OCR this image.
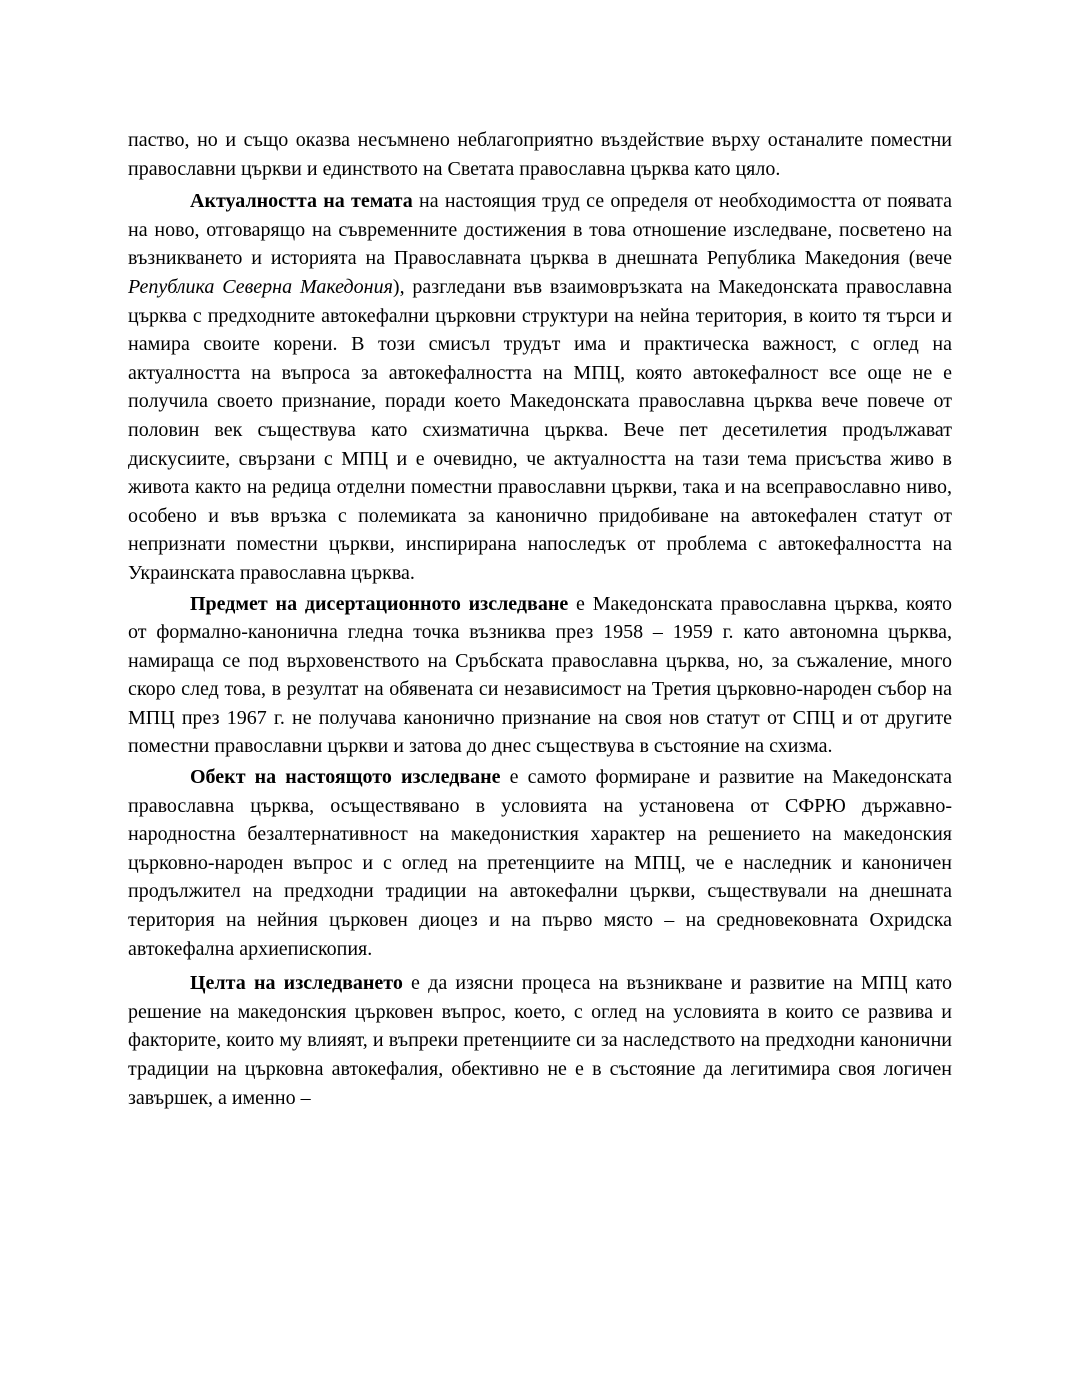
паство, но и също оказва несъмнено неблагоприятно въздействие върху останалите поместни православни църкви и единството на Светата православна църква като цяло.

Актуалността на темата на настоящия труд се определя от необходимостта от появата на ново, отговарящо на съвременните достижения в това отношение изследване, посветено на възникването и историята на Православната църква в днешната Република Македония (вече Република Северна Македония), разгледани във взаимовръзката на Македонската православна църква с предходните автокефални църковни структури на нейна територия, в които тя търси и намира своите корени. В този смисъл трудът има и практическа важност, с оглед на актуалността на въпроса за автокефалността на МПЦ, която автокефалност все още не е получила своето признание, поради което Македонската православна църква вече повече от половин век съществува като схизматична църква. Вече пет десетилетия продължават дискусиите, свързани с МПЦ и е очевидно, че актуалността на тази тема присъства живо в живота както на редица отделни поместни православни църкви, така и на всеправославно ниво, особено и във връзка с полемиката за канонично придобиване на автокефален статут от непризнати поместни църкви, инспирирана напоследък от проблема с автокефалността на Украинската православна църква.

Предмет на дисертационното изследване е Македонската православна църква, която от формално-канонична гледна точка възниква през 1958 – 1959 г. като автономна църква, намираща се под върховенството на Сръбската православна църква, но, за съжаление, много скоро след това, в резултат на обявената си независимост на Третия църковно-народен събор на МПЦ през 1967 г. не получава канонично признание на своя нов статут от СПЦ и от другите поместни православни църкви и затова до днес съществува в състояние на схизма.

Обект на настоящото изследване е самото формиране и развитие на Македонската православна църква, осъществявано в условията на установена от СФРЮ държавно-народностна безалтернативност на македонисткия характер на решението на македонския църковно-народен въпрос и с оглед на претенциите на МПЦ, че е наследник и каноничен продължител на предходни традиции на автокефални църкви, съществували на днешната територия на нейния църковен диоцез и на първо място – на средновековната Охридска автокефална архиепископия.

Целта на изследването е да изясни процеса на възникване и развитие на МПЦ като решение на македонския църковен въпрос, което, с оглед на условията в които се развива и факторите, които му влияят, и въпреки претенциите си за наследството на предходни канонични традиции на църковна автокефалия, обективно не е в състояние да легитимира своя логичен завършек, а именно –
